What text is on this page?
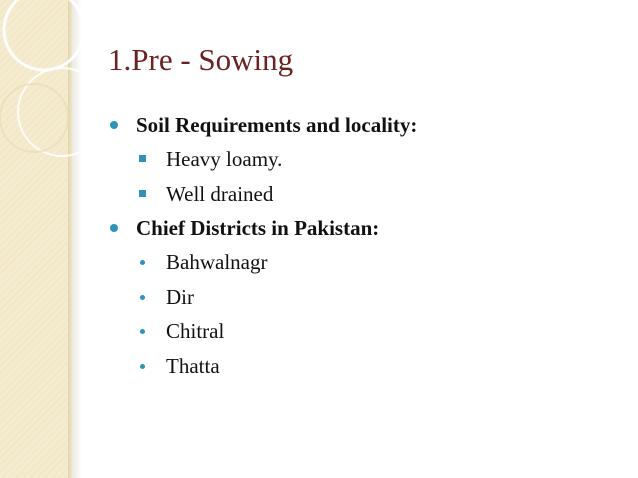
1.Pre - Sowing
Soil Requirements and locality:
Heavy loamy.
Well drained
Chief Districts in Pakistan:
Bahwalnagr
Dir
Chitral
Thatta
